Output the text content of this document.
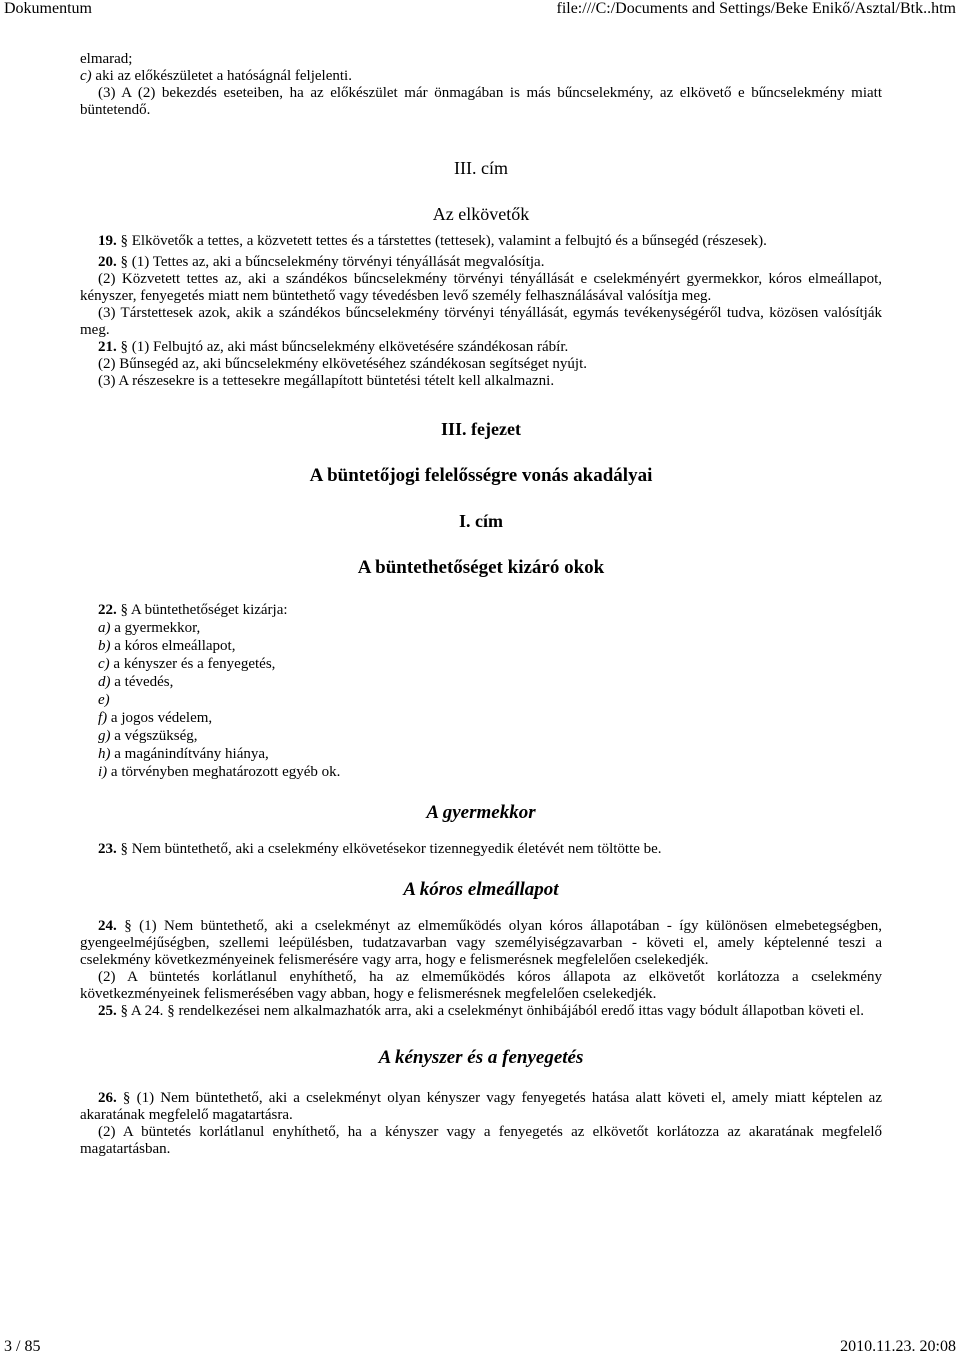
Dokumentum	file:///C:/Documents and Settings/Beke Enikő/Asztal/Btk..htm

elmarad;

c) aki az előkészületet a hatóságnál feljelenti.

(3) A (2) bekezdés eseteiben, ha az előkészület már önmagában is más bűncselekmény, az elkövető e bűncselekmény miatt büntetendő.

III. cím

Az elkövetők

19. § Elkövetők a tettes, a közvetett tettes és a társtettes (tettesek), valamint a felbujtó és a bűnsegéd (részesek).

20. § (1) Tettes az, aki a bűncselekmény törvényi tényállását megvalósítja.

(2) Közvetett tettes az, aki a szándékos bűncselekmény törvényi tényállását e cselekményért gyermekkor, kóros elmeállapot, kényszer, fenyegetés miatt nem büntethető vagy tévedésben levő személy felhasználásával valósítja meg.

(3) Társtettesek azok, akik a szándékos bűncselekmény törvényi tényállását, egymás tevékenységéről tudva, közösen valósítják meg.

21. § (1) Felbujtó az, aki mást bűncselekmény elkövetésére szándékosan rábír.

(2) Bűnsegéd az, aki bűncselekmény elkövetéséhez szándékosan segítséget nyújt.

(3) A részesekre is a tettesekre megállapított büntetési tételt kell alkalmazni.

III. fejezet

A büntetőjogi felelősségre vonás akadályai

I. cím

A büntethetőséget kizáró okok

22. § A büntethetőséget kizárja:

a) a gyermekkor,

b) a kóros elmeállapot,

c) a kényszer és a fenyegetés,

d) a tévedés,

e)

f) a jogos védelem,

g) a végszükség,

h) a magánindítvány hiánya,

i) a törvényben meghatározott egyéb ok.

A gyermekkor

23. § Nem büntethető, aki a cselekmény elkövetésekor tizennegyedik életévét nem töltötte be.

A kóros elmeállapot

24. § (1) Nem büntethető, aki a cselekményt az elmeműködés olyan kóros állapotában - így különösen elmebetegségben, gyengeelméjűségben, szellemi leépülésben, tudatzavarban vagy személyiségzavarban - követi el, amely képtelenné teszi a cselekmény következményeinek felismerésére vagy arra, hogy e felismerésnek megfelelően cselekedjék.

(2) A büntetés korlátlanul enyhíthető, ha az elmeműködés kóros állapota az elkövetőt korlátozza a cselekmény következményeinek felismerésében vagy abban, hogy e felismerésnek megfelelően cselekedjék.

25. § A 24. § rendelkezései nem alkalmazhatók arra, aki a cselekményt önhibájából eredő ittas vagy bódult állapotban követi el.

A kényszer és a fenyegetés

26. § (1) Nem büntethető, aki a cselekményt olyan kényszer vagy fenyegetés hatása alatt követi el, amely miatt képtelen az akaratának megfelelő magatartásra.

(2) A büntetés korlátlanul enyhíthető, ha a kényszer vagy a fenyegetés az elkövetőt korlátozza az akaratának megfelelő magatartásban.

3 / 85	2010.11.23. 20:08
